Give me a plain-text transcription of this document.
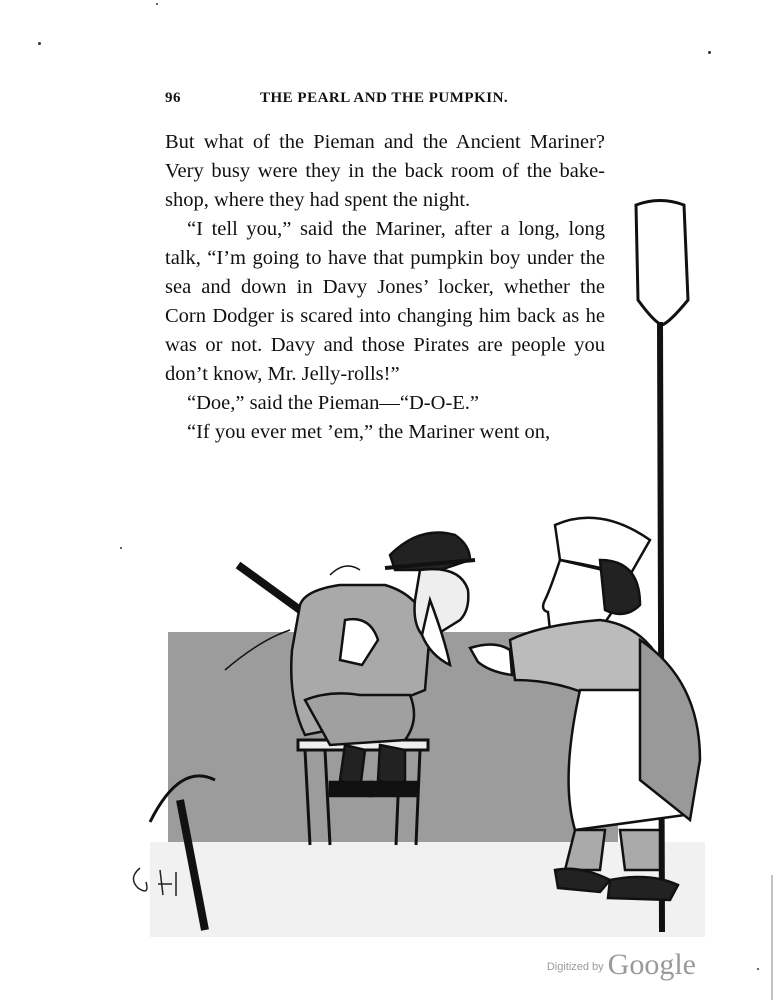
96	THE PEARL AND THE PUMPKIN.

But what of the Pieman and the Ancient Mariner? Very busy were they in the back room of the bake-shop, where they had spent the night.

“I tell you,” said the Mariner, after a long, long talk, “I’m going to have that pumpkin boy under the sea and down in Davy Jones’ locker, whether the Corn Dodger is scared into changing him back as he was or not. Davy and those Pirates are people you don’t know, Mr. Jelly-rolls!”

“Doe,” said the Pieman—“D-O-E.”

“If you ever met ’em,” the Mariner went on,

$^{Digitized by}$ Google
